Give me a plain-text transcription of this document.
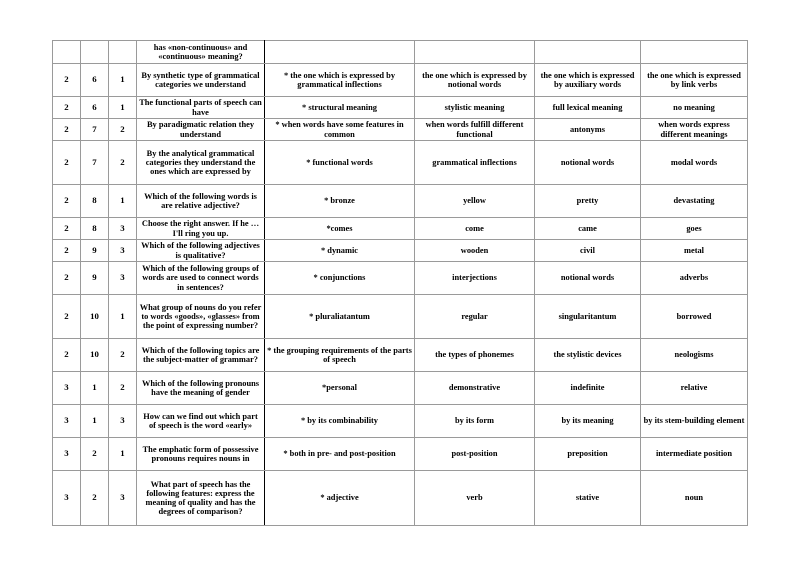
			has «non-continuous» and «continuous» meaning?				
2	6	1	By synthetic type of grammatical categories we understand	* the one which is expressed by grammatical inflections	the one which is expressed by notional words	the one which is expressed by auxiliary words	the one which is expressed by link verbs
2	6	1	The functional parts of speech can have	* structural meaning	stylistic meaning	full lexical meaning	no meaning
2	7	2	By paradigmatic relation they understand	* when words have some features in common	when words fulfill different functional	antonyms	when words express different meanings
2	7	2	By the analytical grammatical categories they understand the ones which are expressed by	* functional words	grammatical inflections	notional words	modal words
2	8	1	Which of the following words is are relative adjective?	* bronze	yellow	pretty	devastating
2	8	3	Choose the right answer. If he … I'll ring you up.	*comes	come	came	goes
2	9	3	Which of the following adjectives is qualitative?	* dynamic	wooden	civil	metal
2	9	3	Which of the following groups of words are used to connect words in sentences?	* conjunctions	interjections	notional words	adverbs
2	10	1	What group of nouns do you refer to words «goods», «glasses» from the point of expressing number?	* pluraliatantum	regular	singularitantum	borrowed
2	10	2	Which of the following topics are the subject-matter of grammar?	* the grouping requirements of the parts of speech	the types of phonemes	the stylistic devices	neologisms
3	1	2	Which of the following pronouns have the meaning of gender	*personal	demonstrative	indefinite	relative
3	1	3	How can we find out which part of speech is the word «early»	* by its combinability	by its form	by its meaning	by its stem-building element
3	2	1	The emphatic form of possessive pronouns requires nouns in	* both in pre- and post-position	post-position	preposition	intermediate position
3	2	3	What part of speech has the following features: express the meaning of quality and has the degrees of comparison?	* adjective	verb	stative	noun
